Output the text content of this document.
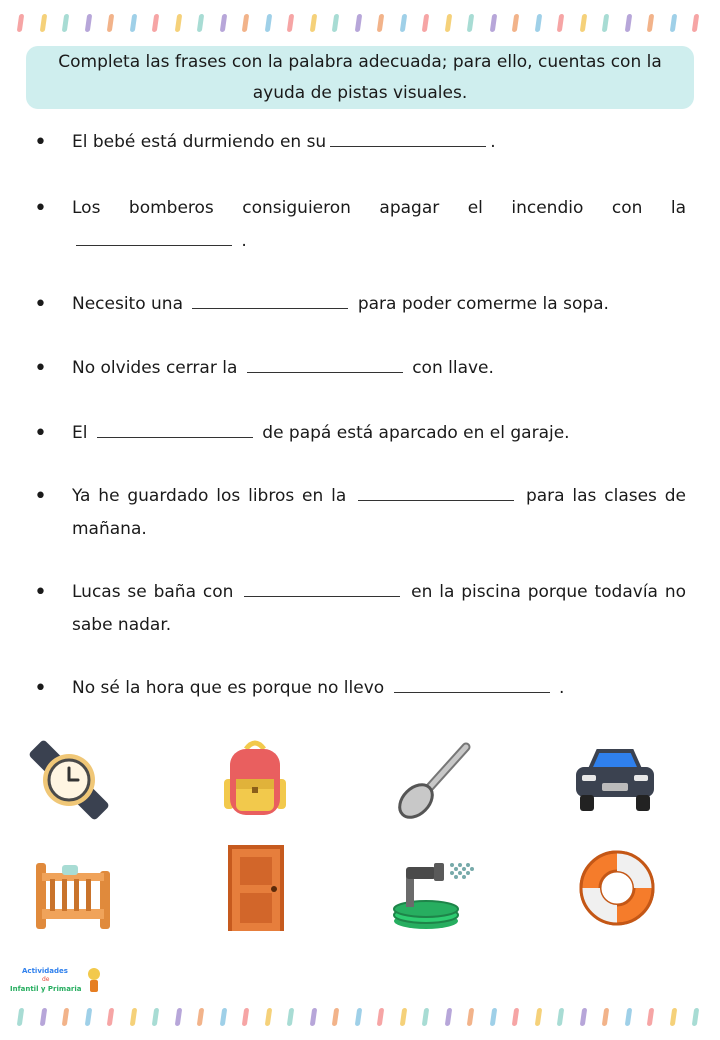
Completa las frases con la palabra adecuada; para ello, cuentas con la ayuda de pistas visuales.

•	El bebé está durmiendo en su	.
•	Los bomberos consiguieron apagar el incendio con la  .
•	Necesito una	para poder comerme la sopa.
•	No olvides cerrar la	con llave.
•	El	de papá está aparcado en el garaje.
•	Ya he guardado los libros en la	para las clases de mañana.
•	Lucas se baña con	en la piscina porque todavía no sabe nadar.
•	No sé la hora que es porque no llevo	.
Actividades
de
Infantil y Primaria
